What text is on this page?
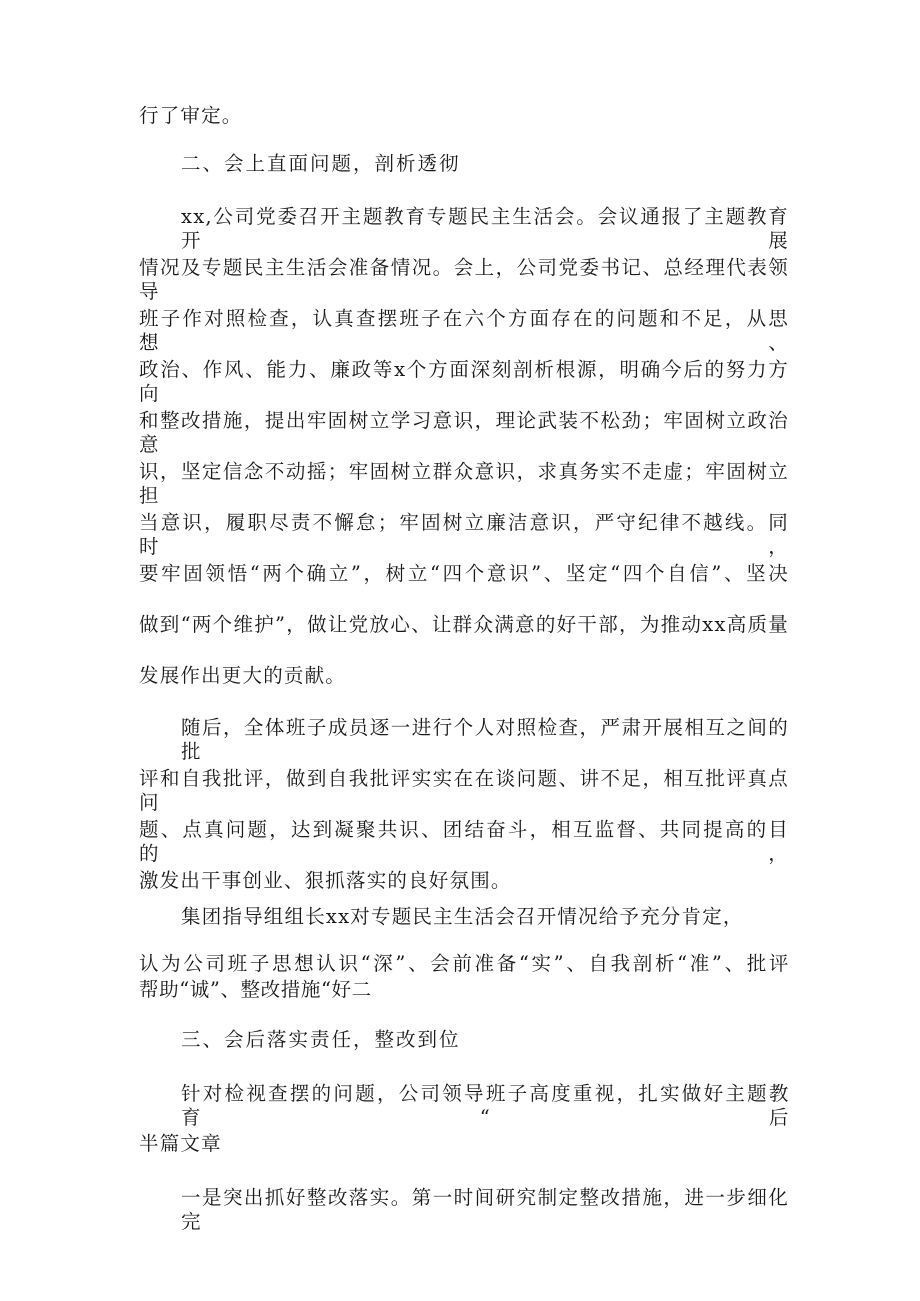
行了审定。
二、会上直面问题，剖析透彻
xx,公司党委召开主题教育专题民主生活会。会议通报了主题教育开展
情况及专题民主生活会准备情况。会上，公司党委书记、总经理代表领导
班子作对照检查，认真查摆班子在六个方面存在的问题和不足，从思想、
政治、作风、能力、廉政等x个方面深刻剖析根源，明确今后的努力方向
和整改措施，提出牢固树立学习意识，理论武装不松劲；牢固树立政治意
识，坚定信念不动摇；牢固树立群众意识，求真务实不走虚；牢固树立担
当意识，履职尽责不懈怠；牢固树立廉洁意识，严守纪律不越线。同时，
要牢固领悟“两个确立”，树立“四个意识”、坚定“四个自信”、坚决
做到“两个维护”，做让党放心、让群众满意的好干部，为推动xx高质量
发展作出更大的贡献。
随后，全体班子成员逐一进行个人对照检查，严肃开展相互之间的批
评和自我批评，做到自我批评实实在在谈问题、讲不足，相互批评真点问
题、点真问题，达到凝聚共识、团结奋斗，相互监督、共同提高的目的，
激发出干事创业、狠抓落实的良好氛围。
集团指导组组长xx对专题民主生活会召开情况给予充分肯定，
认为公司班子思想认识“深”、会前准备“实”、自我剖析“准”、批评
帮助“诚”、整改措施“好二
三、会后落实责任，整改到位
针对检视查摆的问题，公司领导班子高度重视，扎实做好主题教育“后
半篇文章
一是突出抓好整改落实。第一时间研究制定整改措施，进一步细化完
